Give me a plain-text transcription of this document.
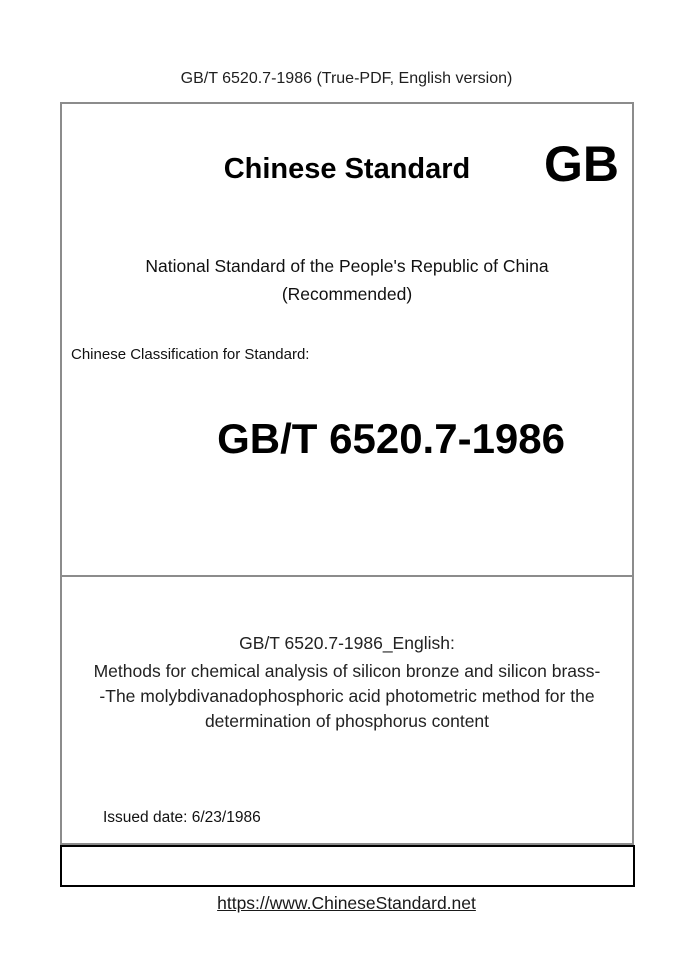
GB/T 6520.7-1986 (True-PDF, English version)
Chinese Standard	GB
National Standard of the People's Republic of China
(Recommended)
Chinese Classification for Standard:
GB/T 6520.7-1986
GB/T 6520.7-1986_English:
Methods for chemical analysis of silicon bronze and silicon brass--The molybdivanadophosphoric acid photometric method for the determination of phosphorus content
Issued date: 6/23/1986
https://www.ChineseStandard.net
